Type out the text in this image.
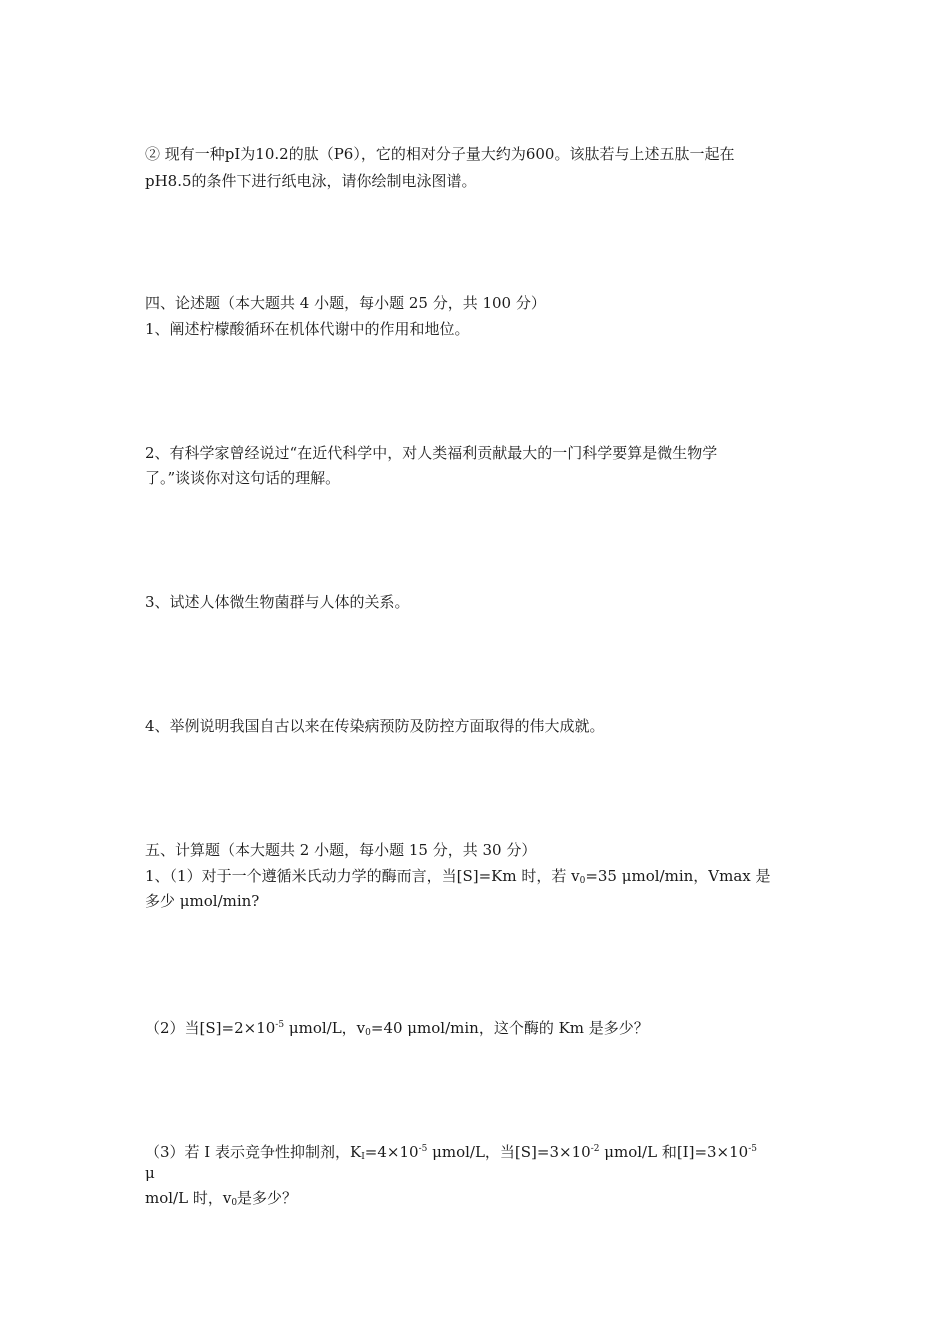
② 现有一种pI为10.2的肽（P6），它的相对分子量大约为600。该肽若与上述五肽一起在
pH8.5的条件下进行纸电泳，请你绘制电泳图谱。
四、论述题（本大题共 4 小题，每小题 25 分，共 100 分）
1、阐述柠檬酸循环在机体代谢中的作用和地位。
2、有科学家曾经说过“在近代科学中，对人类福利贡献最大的一门科学要算是微生物学
了。”谈谈你对这句话的理解。
3、试述人体微生物菌群与人体的关系。
4、举例说明我国自古以来在传染病预防及防控方面取得的伟大成就。
五、计算题（本大题共 2 小题，每小题 15 分，共 30 分）
1、（1）对于一个遵循米氏动力学的酶而言，当[S]=Km 时，若 $v_0=35$ μmol/min，Vmax 是
多少 μmol/min?
（2）当$[S]=2\times 10^{-5}$ μmol/L，$v_0=40$ μmol/min，这个酶的 Km 是多少？
（3）若 I 表示竞争性抑制剂，$K_I=4\times 10^{-5}$ μmol/L，当$[S]=3\times 10^{-2}$ μmol/L 和$[I]=3\times 10^{-5}$
μ
mol/L 时，$v_0$是多少？
